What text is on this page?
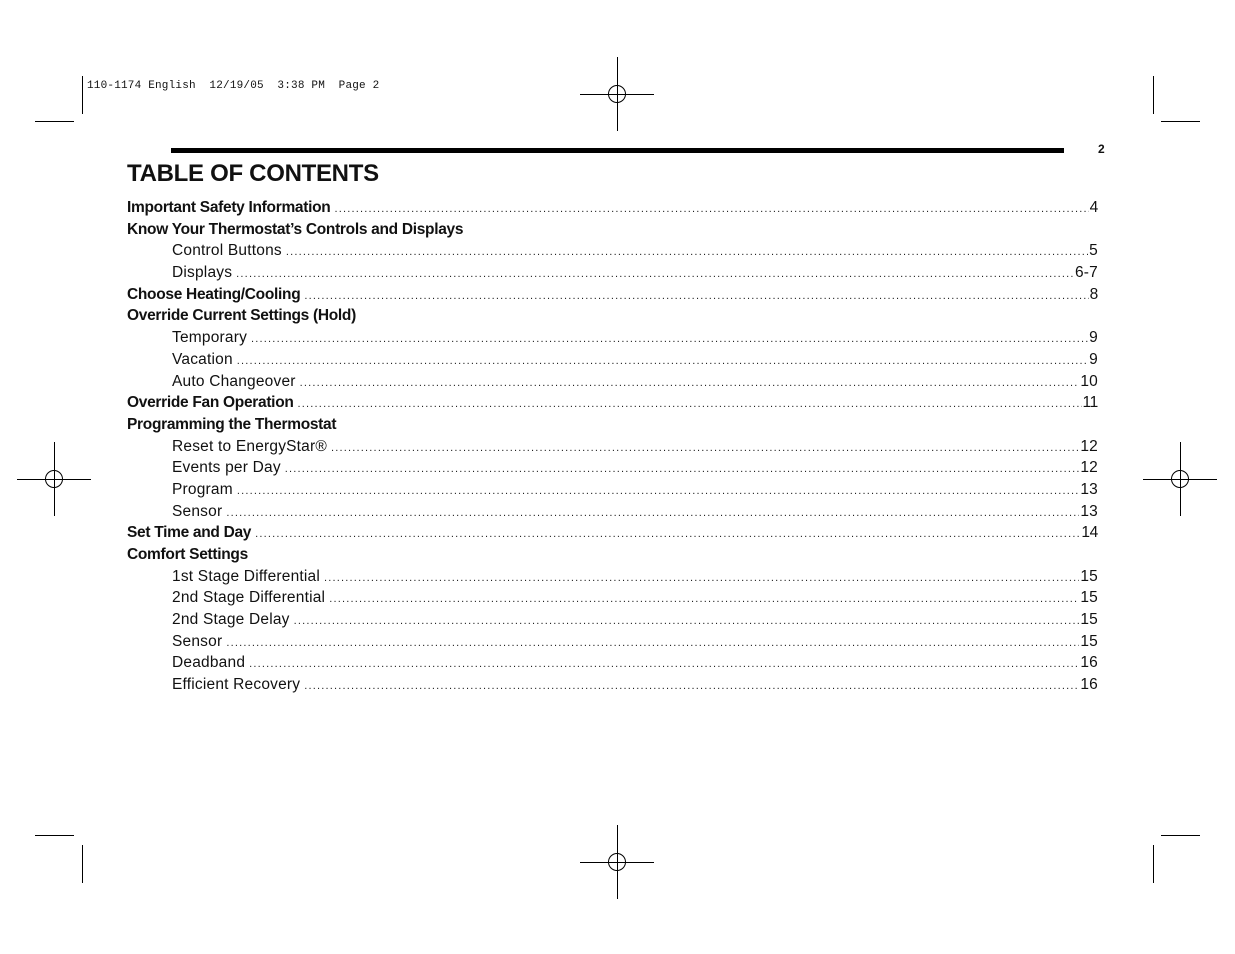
110-1174 English  12/19/05  3:38 PM  Page 2
2
TABLE OF CONTENTS
Important Safety Information .....	4
Know Your Thermostat’s Controls and Displays
Control Buttons .....	5
Displays .....	6-7
Choose Heating/Cooling .....	8
Override Current Settings (Hold)
Temporary .....	9
Vacation .....	9
Auto Changeover .....	10
Override Fan Operation .....	11
Programming the Thermostat
Reset to EnergyStar® .....	12
Events per Day .....	12
Program .....	13
Sensor .....	13
Set Time and Day .....	14
Comfort Settings
1st Stage Differential .....	15
2nd Stage Differential .....	15
2nd Stage Delay .....	15
Sensor .....	15
Deadband .....	16
Efficient Recovery .....	16
